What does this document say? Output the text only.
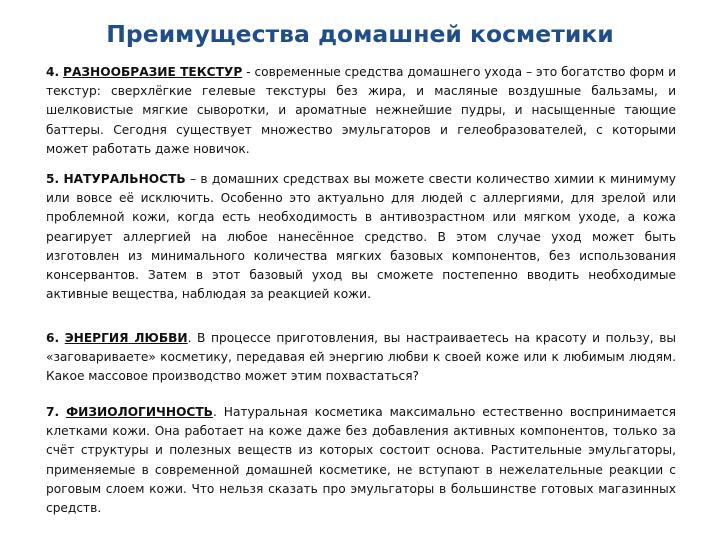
Преимущества домашней косметики

4. РАЗНООБРАЗИЕ ТЕКСТУР - современные средства домашнего ухода – это богатство форм и текстур: сверхлёгкие гелевые текстуры без жира, и масляные воздушные бальзамы, и шелковистые мягкие сыворотки, и ароматные нежнейшие пудры, и насыщенные тающие баттеры. Сегодня существует множество эмульгаторов и гелеобразователей, с которыми может работать даже новичок.

5. НАТУРАЛЬНОСТЬ – в домашних средствах вы можете свести количество химии к минимуму или вовсе её исключить. Особенно это актуально для людей с аллергиями, для зрелой или проблемной кожи, когда есть необходимость в антивозрастном или мягком уходе, а кожа реагирует аллергией на любое нанесённое средство. В этом случае уход может быть изготовлен из минимального количества мягких базовых компонентов, без использования консервантов. Затем в этот базовый уход вы сможете постепенно вводить необходимые активные вещества, наблюдая за реакцией кожи.

6. ЭНЕРГИЯ ЛЮБВИ. В процессе приготовления, вы настраиваетесь на красоту и пользу, вы «заговариваете» косметику, передавая ей энергию любви к своей коже или к любимым людям. Какое массовое производство может этим похвастаться?

7. ФИЗИОЛОГИЧНОСТЬ. Натуральная косметика максимально естественно воспринимается клетками кожи. Она работает на коже даже без добавления активных компонентов, только за счёт структуры и полезных веществ из которых состоит основа. Растительные эмульгаторы, применяемые в современной домашней косметике, не вступают в нежелательные реакции с роговым слоем кожи. Что нельзя сказать про эмульгаторы в большинстве готовых магазинных средств.
